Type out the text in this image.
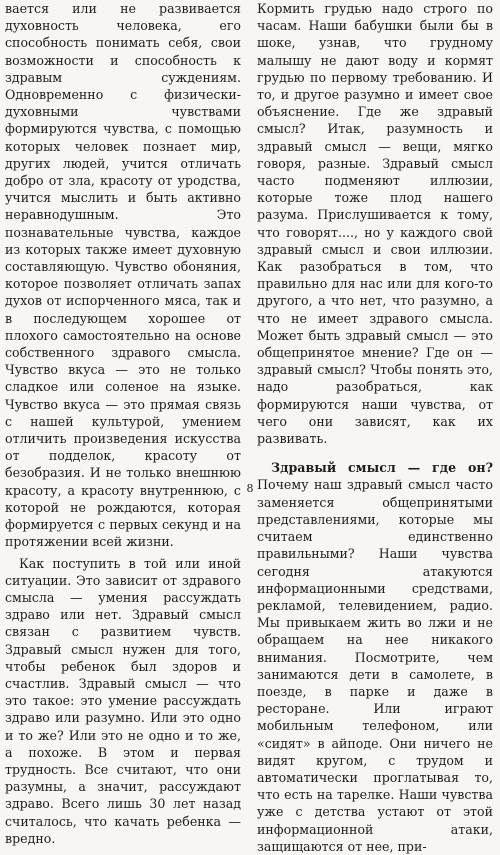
вается или не развивается духовность человека, его способность понимать себя, свои возможности и способность к здравым суждениям. Одновременно с физически-духовными чувствами формируются чувства, с помощью которых человек познает мир, других людей, учится отличать добро от зла, красоту от уродства, учится мыслить и быть активно неравнодушным. Это познавательные чувства, каждое из которых также имеет духовную составляющую. Чувство обоняния, которое позволяет отличать запах духов от испорченного мяса, так и в последующем хорошее от плохого самостоятельно на основе собственного здравого смысла. Чувство вкуса — это не только сладкое или соленое на языке. Чувство вкуса — это прямая связь с нашей культурой, умением отличить произведения искусства от подделок, красоту от безобразия. И не только внешнюю красоту, а красоту внутреннюю, с которой не рождаются, которая формируется с первых секунд и на протяжении всей жизни.

Как поступить в той или иной ситуации. Это зависит от здравого смысла — умения рассуждать здраво или нет. Здравый смысл связан с развитием чувств. Здравый смысл нужен для того, чтобы ребенок был здоров и счастлив. Здравый смысл — что это такое: это умение рассуждать здраво или разумно. Или это одно и то же? Или это не одно и то же, а похоже. В этом и первая трудность. Все считают, что они разумны, а значит, рассуждают здраво. Всего лишь 30 лет назад считалось, что качать ребенка — вредно.

Кормить грудью надо строго по часам. Наши бабушки были бы в шоке, узнав, что грудному малышу не дают воду и кормят грудью по первому требованию. И то, и другое разумно и имеет свое объяснение. Где же здравый смысл? Итак, разумность и здравый смысл — вещи, мягко говоря, разные. Здравый смысл часто подменяют иллюзии, которые тоже плод нашего разума. Прислушивается к тому, что говорят...., но у каждого свой здравый смысл и свои иллюзии. Как разобраться в том, что правильно для нас или для кого-то другого, а что нет, что разумно, а что не имеет здравого смысла. Может быть здравый смысл — это общепринятое мнение? Где он — здравый смысл? Чтобы понять это, надо разобраться, как формируются наши чувства, от чего они зависят, как их развивать.

Здравый смысл — где он? Почему наш здравый смысл часто заменяется общепринятыми представлениями, которые мы считаем единственно правильными? Наши чувства сегодня атакуются информационными средствами, рекламой, телевидением, радио. Мы привыкаем жить во лжи и не обращаем на нее никакого внимания. Посмотрите, чем занимаются дети в самолете, в поезде, в парке и даже в ресторане. Или играют мобильным телефоном, или «сидят» в айподе. Они ничего не видят кругом, с трудом и автоматически проглатывая то, что есть на тарелке. Наши чувства уже с детства устают от этой информационной атаки, защищаются от нее, при-

8
